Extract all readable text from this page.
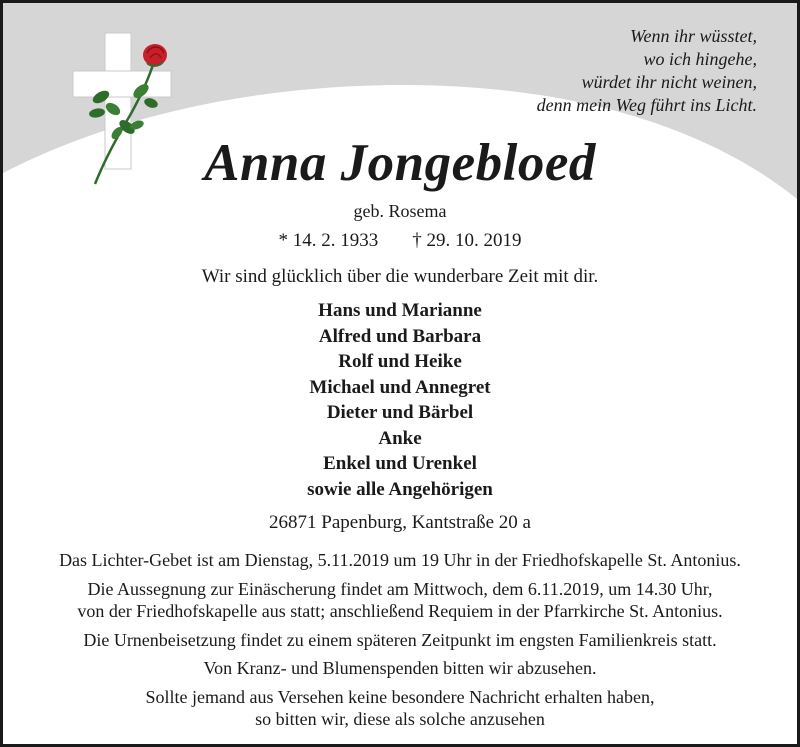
Wenn ihr wüsstet,
wo ich hingehe,
würdet ihr nicht weinen,
denn mein Weg führt ins Licht.
Anna Jongebloed
geb. Rosema
* 14. 2. 1933 † 29. 10. 2019
Wir sind glücklich über die wunderbare Zeit mit dir.
Hans und Marianne
Alfred und Barbara
Rolf und Heike
Michael und Annegret
Dieter und Bärbel
Anke
Enkel und Urenkel
sowie alle Angehörigen
26871 Papenburg, Kantstraße 20 a
Das Lichter-Gebet ist am Dienstag, 5.11.2019 um 19 Uhr in der Friedhofskapelle St. Antonius.
Die Aussegnung zur Einäscherung findet am Mittwoch, dem 6.11.2019, um 14.30 Uhr,
von der Friedhofskapelle aus statt; anschließend Requiem in der Pfarrkirche St. Antonius.
Die Urnenbeisetzung findet zu einem späteren Zeitpunkt im engsten Familienkreis statt.
Von Kranz- und Blumenspenden bitten wir abzusehen.
Sollte jemand aus Versehen keine besondere Nachricht erhalten haben,
so bitten wir, diese als solche anzusehen
